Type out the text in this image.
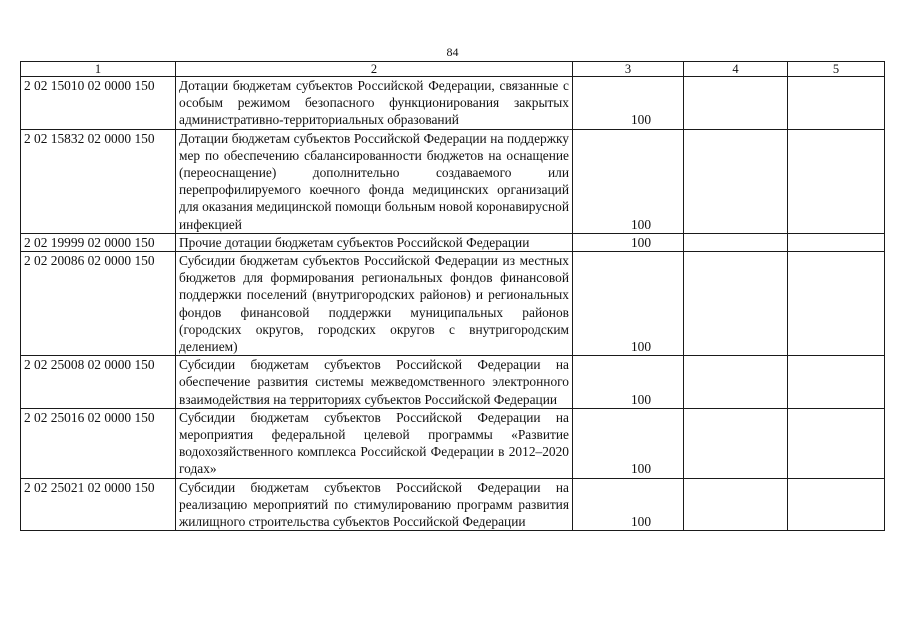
84
1	2	3	4	5
2 02 15010 02 0000 150	Дотации бюджетам субъектов Российской Федерации, связанные с особым режимом безопасного функционирования закрытых административно-территориальных образований	100		
2 02 15832 02 0000 150	Дотации бюджетам субъектов Российской Федерации на поддержку мер по обеспечению сбалансированности бюджетов на оснащение (переоснащение) дополнительно создаваемого или перепрофилируемого коечного фонда медицинских организаций для оказания медицинской помощи больным новой коронавирусной инфекцией	100		
2 02 19999 02 0000 150	Прочие дотации бюджетам субъектов Российской Федерации	100		
2 02 20086 02 0000 150	Субсидии бюджетам субъектов Российской Федерации из местных бюджетов для формирования региональных фондов финансовой поддержки поселений (внутригородских районов) и региональных фондов финансовой поддержки муниципальных районов (городских округов, городских округов с внутригородским делением)	100		
2 02 25008 02 0000 150	Субсидии бюджетам субъектов Российской Федерации на обеспечение развития системы межведомственного электронного взаимодействия на территориях субъектов Российской Федерации	100		
2 02 25016 02 0000 150	Субсидии бюджетам субъектов Российской Федерации на мероприятия федеральной целевой программы «Развитие водохозяйственного комплекса Российской Федерации в 2012–2020 годах»	100		
2 02 25021 02 0000 150	Субсидии бюджетам субъектов Российской Федерации на реализацию мероприятий по стимулированию программ развития жилищного строительства субъектов Российской Федерации	100		
